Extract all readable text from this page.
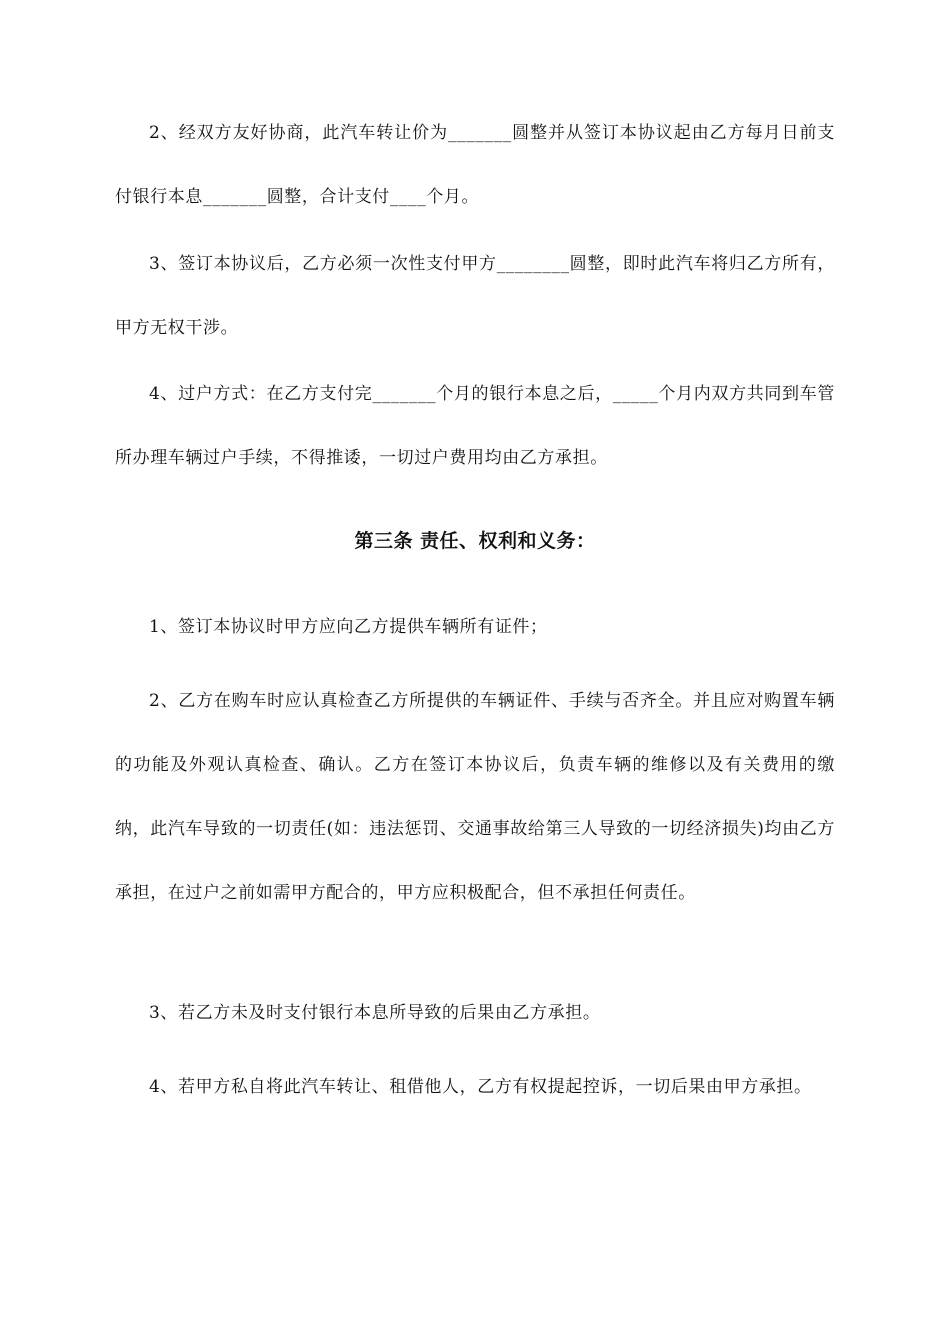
2、经双方友好协商，此汽车转让价为_______圆整并从签订本协议起由乙方每月日前支付银行本息_______圆整，合计支付____个月。

3、签订本协议后，乙方必须一次性支付甲方________圆整，即时此汽车将归乙方所有，甲方无权干涉。

4、过户方式：在乙方支付完_______个月的银行本息之后，_____个月内双方共同到车管所办理车辆过户手续，不得推诿，一切过户费用均由乙方承担。

第三条 责任、权利和义务：

1、签订本协议时甲方应向乙方提供车辆所有证件；

2、乙方在购车时应认真检查乙方所提供的车辆证件、手续与否齐全。并且应对购置车辆的功能及外观认真检查、确认。乙方在签订本协议后，负责车辆的维修以及有关费用的缴纳，此汽车导致的一切责任(如：违法惩罚、交通事故给第三人导致的一切经济损失)均由乙方承担，在过户之前如需甲方配合的，甲方应积极配合，但不承担任何责任。

3、若乙方未及时支付银行本息所导致的后果由乙方承担。

4、若甲方私自将此汽车转让、租借他人，乙方有权提起控诉，一切后果由甲方承担。
